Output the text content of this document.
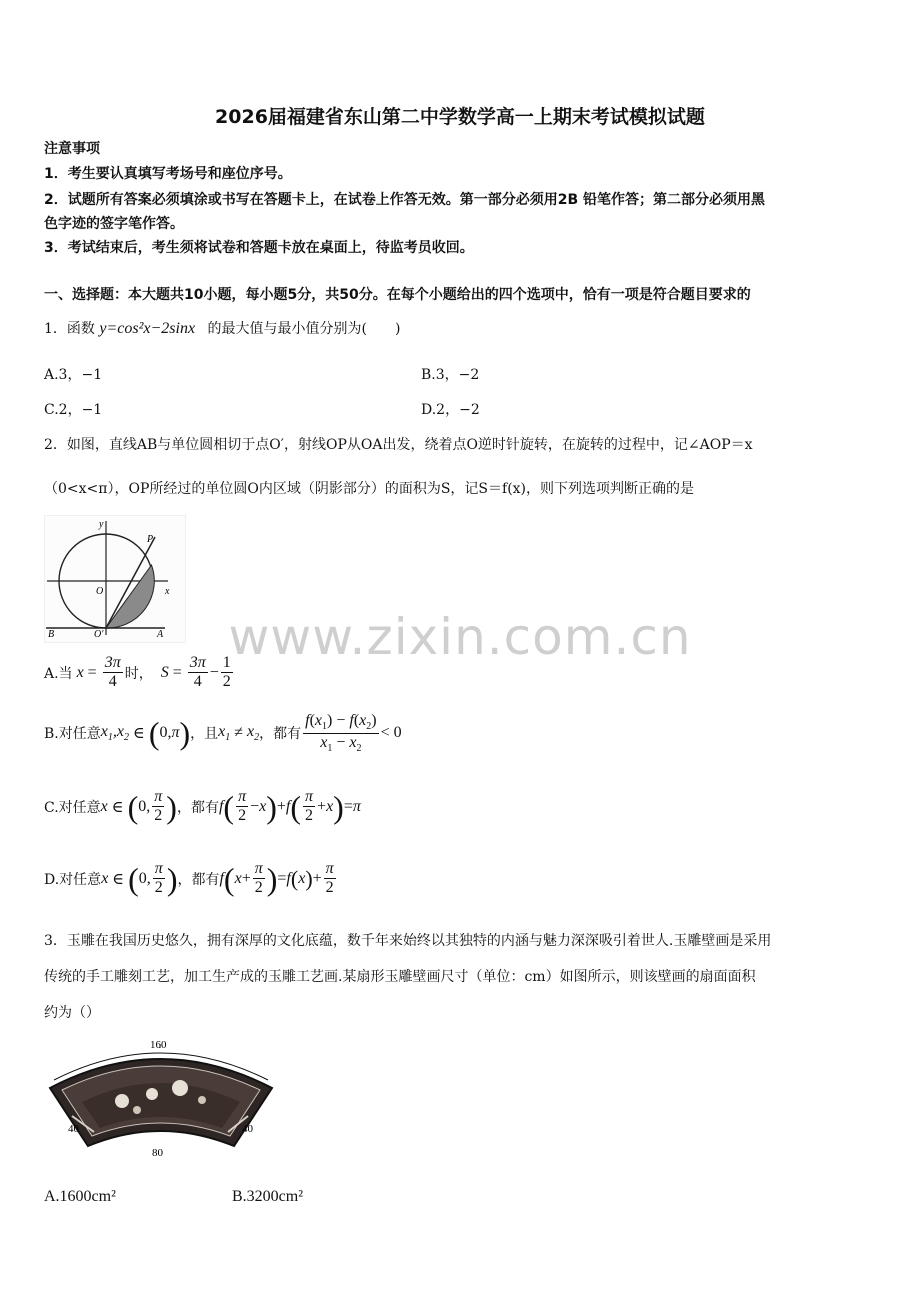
2026届福建省东山第二中学数学高一上期末考试模拟试题
注意事项
1．考生要认真填写考场号和座位序号。
2．试题所有答案必须填涂或书写在答题卡上，在试卷上作答无效。第一部分必须用2B 铅笔作答；第二部分必须用黑
色字迹的签字笔作答。
3．考试结束后，考生须将试卷和答题卡放在桌面上，待监考员收回。
一、选择题：本大题共10小题，每小题5分，共50分。在每个小题给出的四个选项中，恰有一项是符合题目要求的
1．函数 y=cos²x−2sinx 的最大值与最小值分别为(　　)
A.3，−1	B.3，−2
C.2，−1	D.2，−2
2．如图，直线AB与单位圆相切于点O′，射线OP从OA出发，绕着点O逆时针旋转，在旋转的过程中，记∠AOP＝x
（0<x<π），OP所经过的单位圆O内区域（阴影部分）的面积为S，记S＝f(x)，则下列选项判断正确的是
y
x
P
O
B	O′	A
A.当 $x = \frac{3\pi}{4}$ 时， $S = \frac{3\pi}{4} - \frac{1}{2}$
B.对任意$x_1,x_2$ ∈ (0,π)，且$x_1 \ne x_2$，都有 $\frac{f(x_1) - f(x_2)}{x_1 - x_2} < 0$
C.对任意x ∈ (0, $\frac{\pi}{2}$ )，都有$f( \frac{\pi}{2} -x)+f( \frac{\pi}{2} +x)=\pi$
D.对任意x ∈ (0, $\frac{\pi}{2}$ )，都有$f(x+ \frac{\pi}{2} )=f(x)+ \frac{\pi}{2}$
www.zixin.com.cn
3．玉雕在我国历史悠久，拥有深厚的文化底蕴，数千年来始终以其独特的内涵与魅力深深吸引着世人.玉雕壁画是采用
传统的手工雕刻工艺，加工生产成的玉雕工艺画.某扇形玉雕壁画尺寸（单位：cm）如图所示，则该壁画的扇面面积
约为（）
160
40	40
80
A.1600cm²	B.3200cm²
